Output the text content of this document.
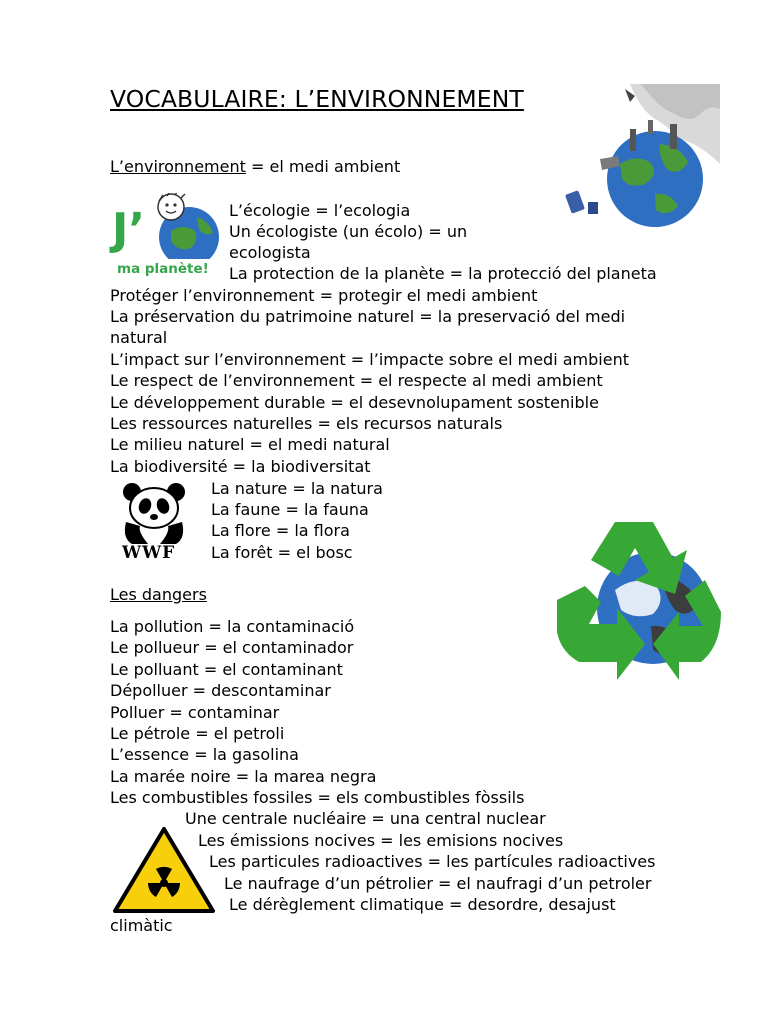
VOCABULAIRE: L’ENVIRONNEMENT
L’environnement = el medi ambient
J’
ma planète!
L’écologie = l’ecologia
Un écologiste (un écolo) = un
ecologista
La protection de la planète = la protecció del planeta
Protéger l’environnement = protegir el medi ambient
La préservation du patrimoine naturel = la preservació del medi
natural
L’impact sur l’environnement = l’impacte sobre el medi ambient
Le respect de l’environnement = el respecte al medi ambient
Le développement durable = el desevnolupament sostenible
Les ressources naturelles = els recursos naturals
Le milieu naturel = el medi natural
La biodiversité = la biodiversitat
WWF
La nature = la natura
La faune = la fauna
La flore = la flora
La forêt = el bosc
Les dangers
La pollution = la contaminació
Le pollueur = el contaminador
Le polluant = el contaminant
Dépolluer = descontaminar
Polluer = contaminar
Le pétrole = el petroli
L’essence = la gasolina
La marée noire = la marea negra
Les combustibles fossiles = els combustibles fòssils
Une centrale nucléaire = una central nuclear
Les émissions nocives = les emisions nocives
Les particules radioactives = les partícules radioactives
Le naufrage d’un pétrolier = el naufragi d’un petroler
Le dérèglement climatique = desordre, desajust
climàtic
